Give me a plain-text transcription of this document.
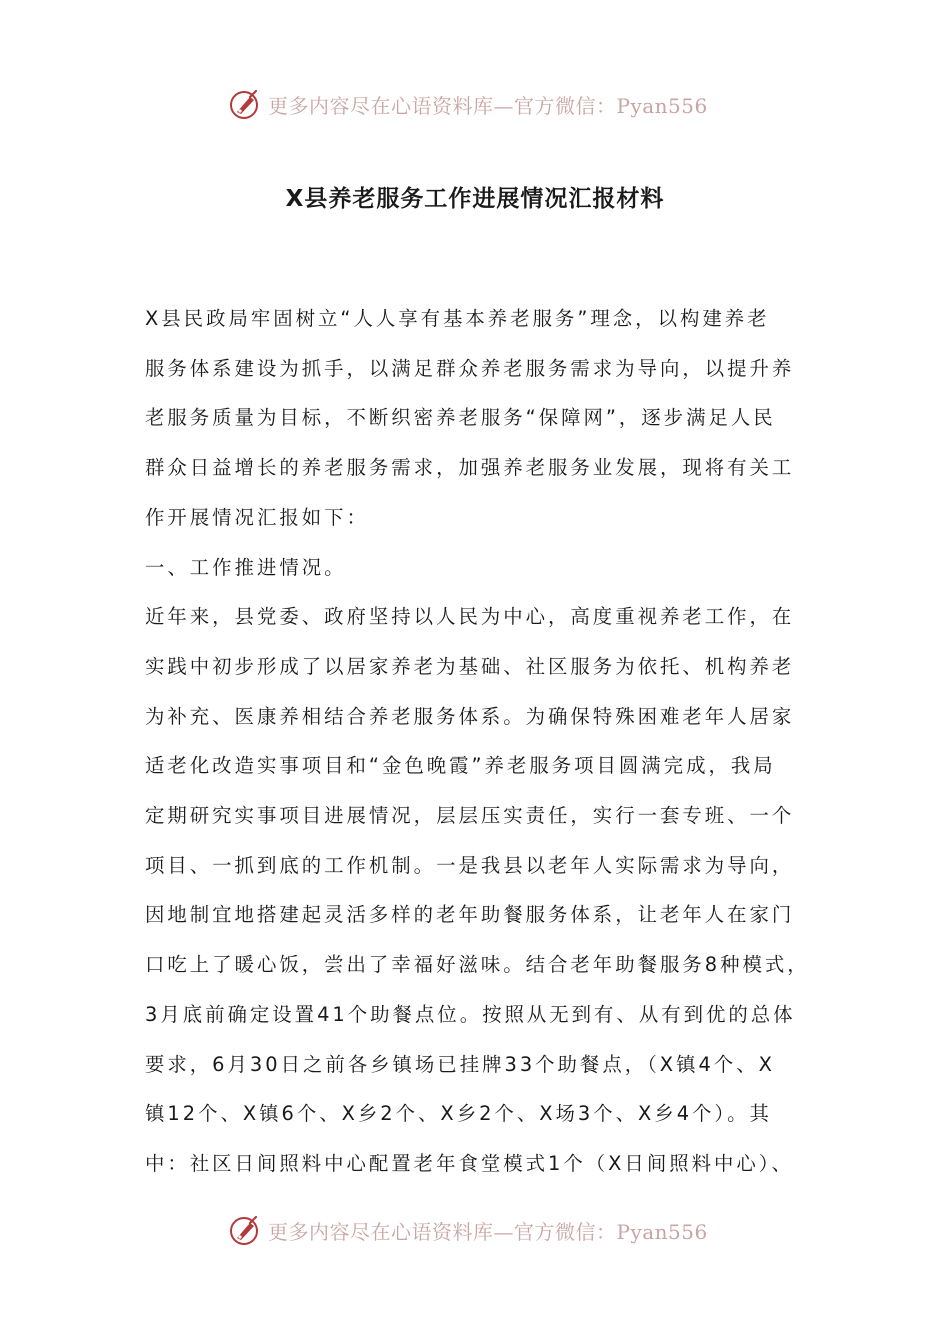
更多内容尽在心语资料库—官方微信：Pyan556
X县养老服务工作进展情况汇报材料

X县民政局牢固树立“人人享有基本养老服务”理念，以构建养老

服务体系建设为抓手，以满足群众养老服务需求为导向，以提升养

老服务质量为目标，不断织密养老服务“保障网”，逐步满足人民

群众日益增长的养老服务需求，加强养老服务业发展，现将有关工

作开展情况汇报如下：

一、工作推进情况。

近年来，县党委、政府坚持以人民为中心，高度重视养老工作，在

实践中初步形成了以居家养老为基础、社区服务为依托、机构养老

为补充、医康养相结合养老服务体系。为确保特殊困难老年人居家

适老化改造实事项目和“金色晚霞”养老服务项目圆满完成，我局

定期研究实事项目进展情况，层层压实责任，实行一套专班、一个

项目、一抓到底的工作机制。一是我县以老年人实际需求为导向，

因地制宜地搭建起灵活多样的老年助餐服务体系，让老年人在家门

口吃上了暖心饭，尝出了幸福好滋味。结合老年助餐服务8种模式，

3月底前确定设置41个助餐点位。按照从无到有、从有到优的总体

要求，6月30日之前各乡镇场已挂牌33个助餐点，（X镇4个、X

镇12个、X镇6个、X乡2个、X乡2个、X场3个、X乡4个）。其

中：社区日间照料中心配置老年食堂模式1个（X日间照料中心）、

更多内容尽在心语资料库—官方微信：Pyan556
